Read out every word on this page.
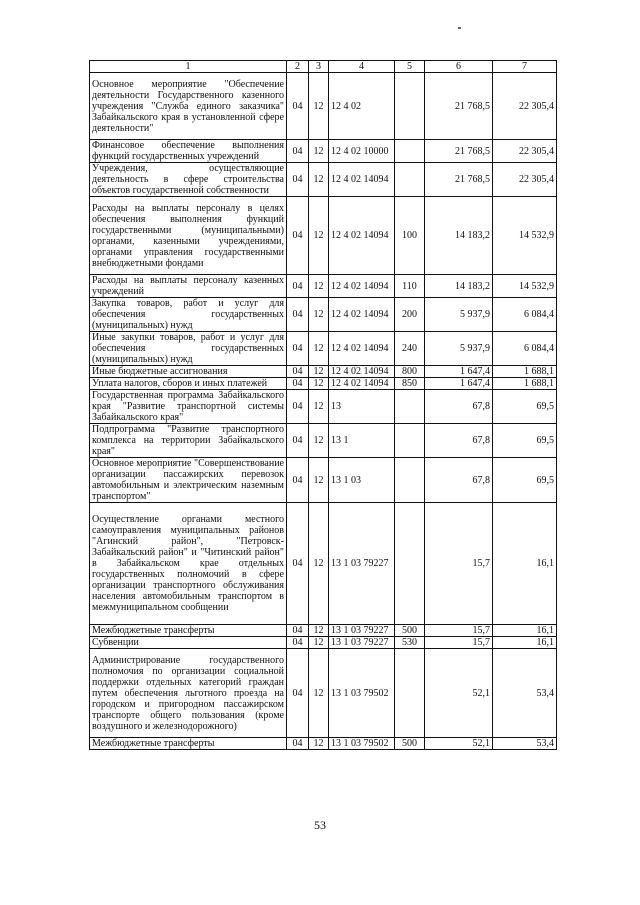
1	2	3	4	5	6	7
Основное мероприятие "Обеспечение деятельности Государственного казенного учреждения "Служба единого заказчика" Забайкальского края в установленной сфере деятельности"	04	12	12 4 02		21 768,5	22 305,4
Финансовое обеспечение выполнения функций государственных учреждений	04	12	12 4 02 10000		21 768,5	22 305,4
Учреждения, осуществляющие деятельность в сфере строительства объектов государственной собственности	04	12	12 4 02 14094		21 768,5	22 305,4
Расходы на выплаты персоналу в целях обеспечения выполнения функций государственными (муниципальными) органами, казенными учреждениями, органами управления государственными внебюджетными фондами	04	12	12 4 02 14094	100	14 183,2	14 532,9
Расходы на выплаты персоналу казенных учреждений	04	12	12 4 02 14094	110	14 183,2	14 532,9
Закупка товаров, работ и услуг для обеспечения государственных (муниципальных) нужд	04	12	12 4 02 14094	200	5 937,9	6 084,4
Иные закупки товаров, работ и услуг для обеспечения государственных (муниципальных) нужд	04	12	12 4 02 14094	240	5 937,9	6 084,4
Иные бюджетные ассигнования	04	12	12 4 02 14094	800	1 647,4	1 688,1
Уплата налогов, сборов и иных платежей	04	12	12 4 02 14094	850	1 647,4	1 688,1
Государственная программа Забайкальского края "Развитие транспортной системы Забайкальского края"	04	12	13		67,8	69,5
Подпрограмма "Развитие транспортного комплекса на территории Забайкальского края"	04	12	13 1		67,8	69,5
Основное мероприятие "Совершенствование организации пассажирских перевозок автомобильным и электрическим наземным транспортом"	04	12	13 1 03		67,8	69,5
Осуществление органами местного самоуправления муниципальных районов "Агинский район", "Петровск-Забайкальский район" и "Читинский район" в Забайкальском крае отдельных государственных полномочий в сфере организации транспортного обслуживания населения автомобильным транспортом в межмуниципальном сообщении	04	12	13 1 03 79227		15,7	16,1
Межбюджетные трансферты	04	12	13 1 03 79227	500	15,7	16,1
Субвенции	04	12	13 1 03 79227	530	15,7	16,1
Администрирование государственного полномочия по организации социальной поддержки отдельных категорий граждан путем обеспечения льготного проезда на городском и пригородном пассажирском транспорте общего пользования (кроме воздушного и железнодорожного)	04	12	13 1 03 79502		52,1	53,4
Межбюджетные трансферты	04	12	13 1 03 79502	500	52,1	53,4
53
